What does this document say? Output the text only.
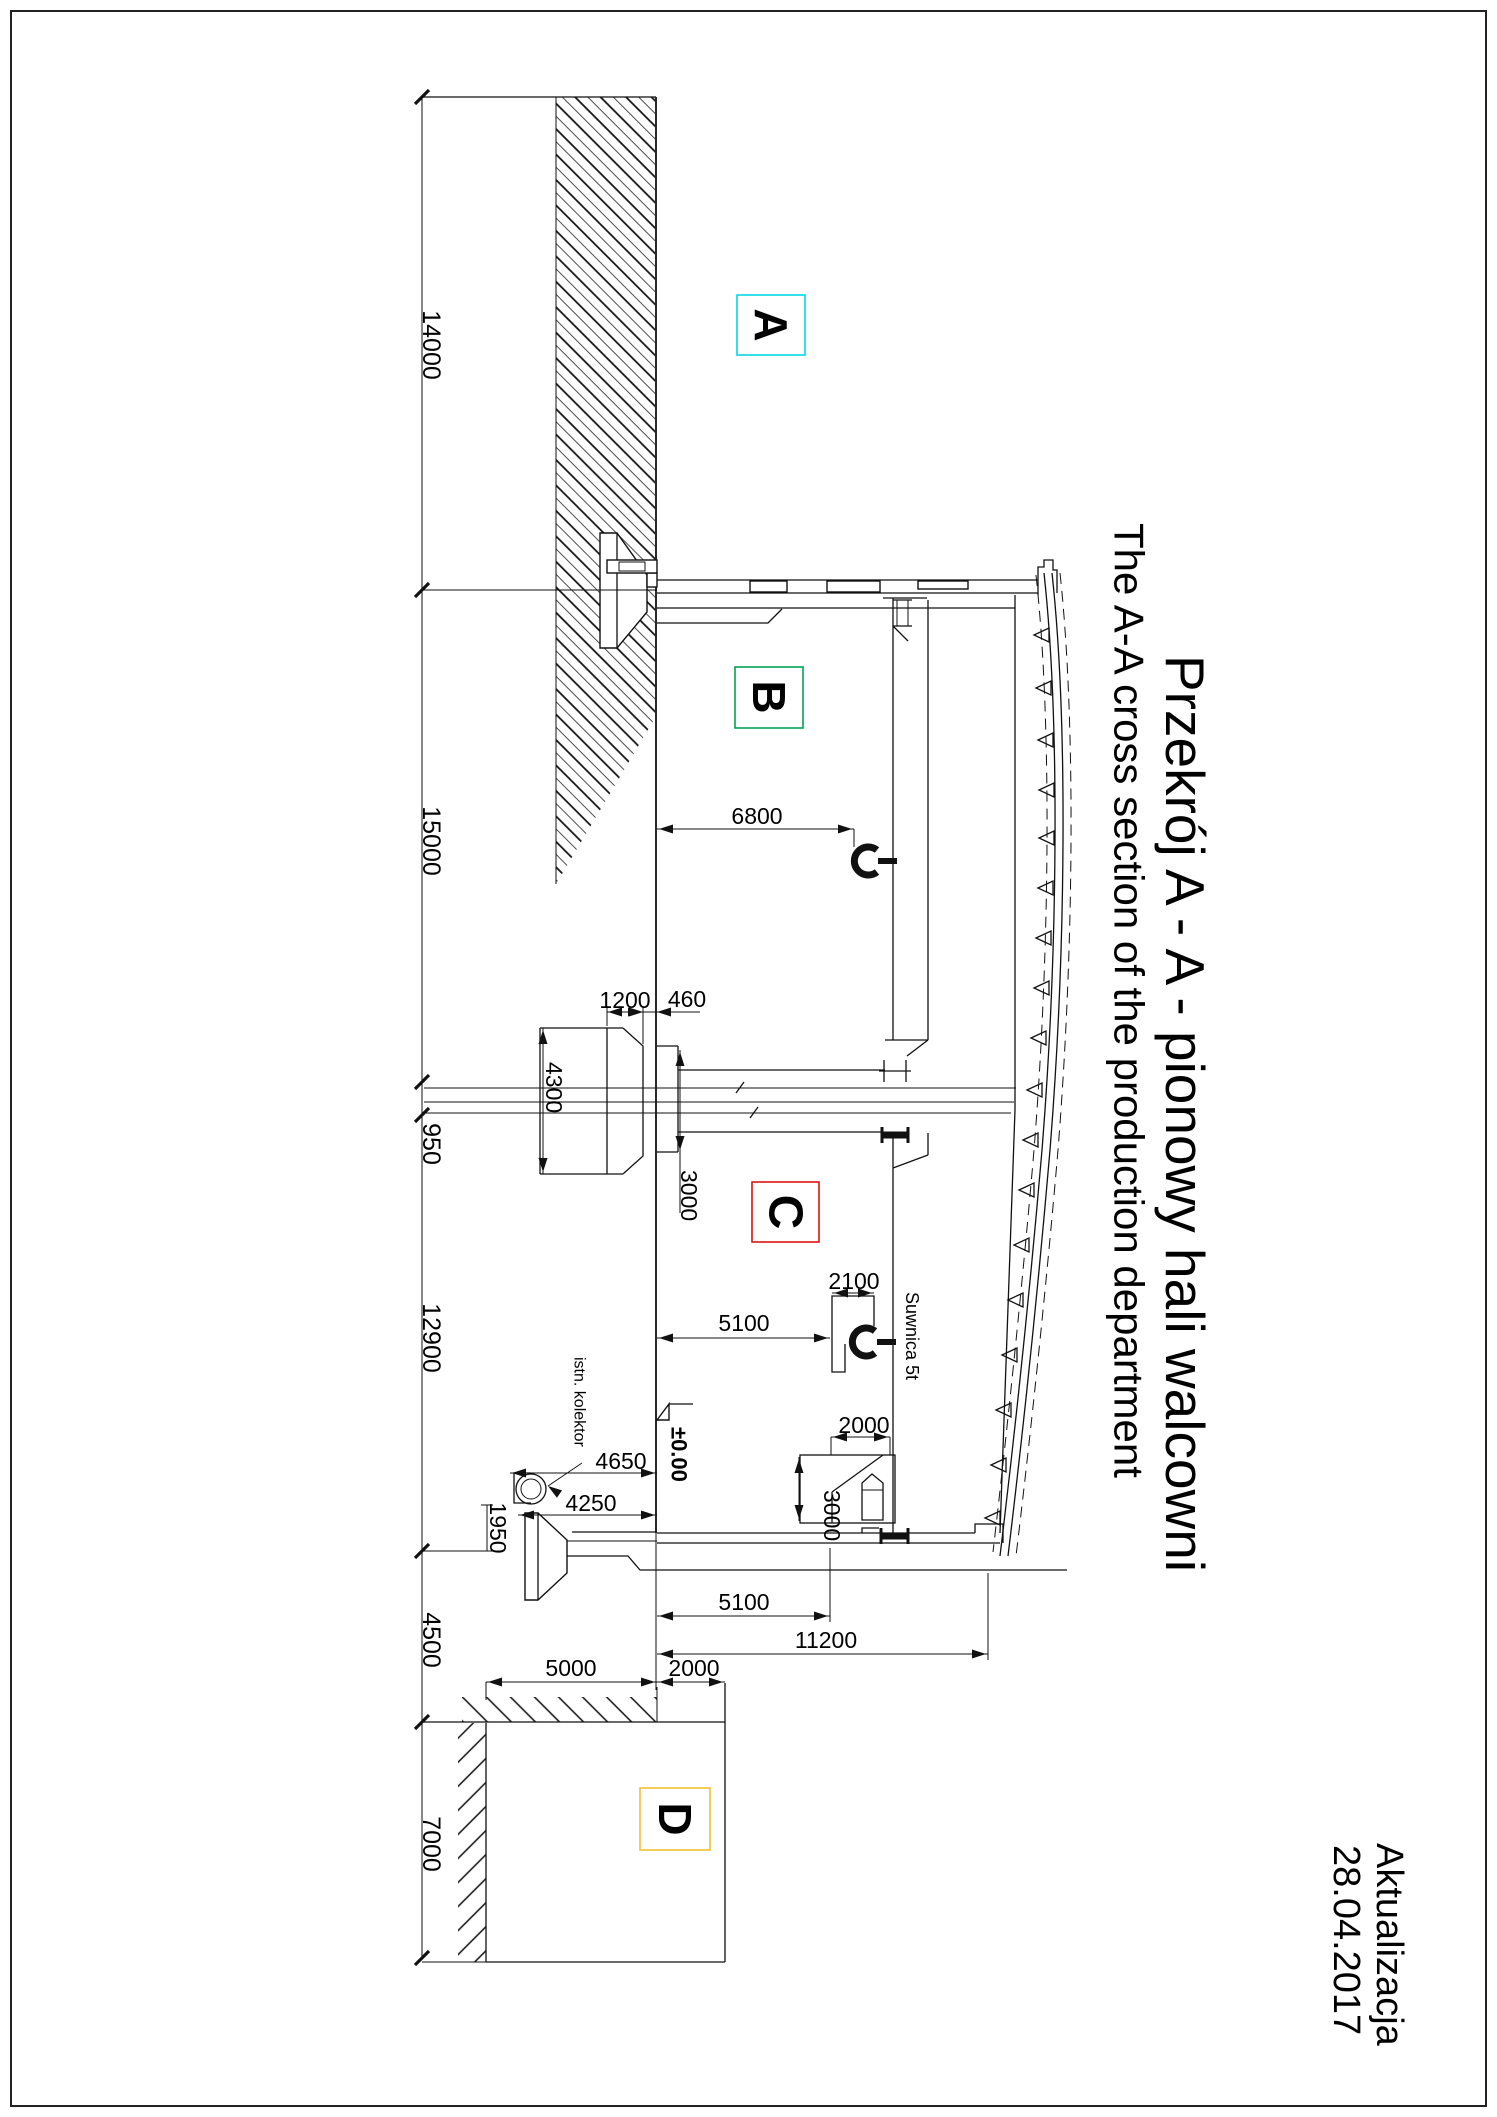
A
B
C
D
14000
15000
950
12900
4500
7000
6800
1200 460
4300
3000
5100
2100
2000
3000
4650
4250
1950
5100
11200
2000
5000
istn. kolektor
Suwnica 5t
±0.00	Przekrój A - A - pionowy hali walcowni
The A-A cross section of the production department
Aktualizacja
28.04.2017
